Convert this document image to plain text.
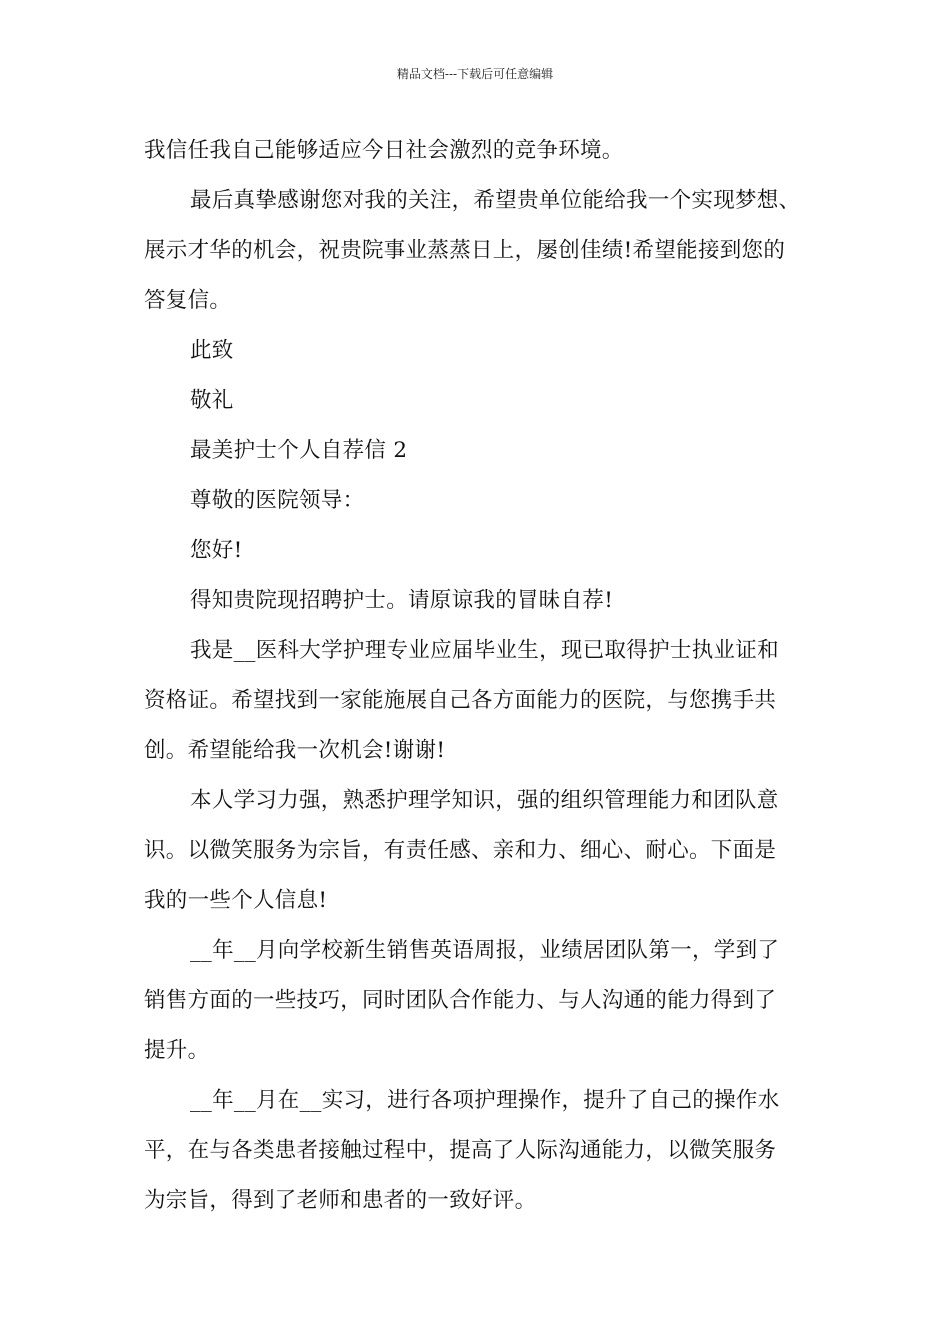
精品文档---下载后可任意编辑
我信任我自己能够适应今日社会激烈的竞争环境。
最后真挚感谢您对我的关注，希望贵单位能给我一个实现梦想、
展示才华的机会，祝贵院事业蒸蒸日上，屡创佳绩!希望能接到您的
答复信。
此致
敬礼
最美护士个人自荐信 2
尊敬的医院领导：
您好!
得知贵院现招聘护士。请原谅我的冒昧自荐!
我是__医科大学护理专业应届毕业生，现已取得护士执业证和
资格证。希望找到一家能施展自己各方面能力的医院，与您携手共
创。希望能给我一次机会!谢谢!
本人学习力强，熟悉护理学知识，强的组织管理能力和团队意
识。以微笑服务为宗旨，有责任感、亲和力、细心、耐心。下面是
我的一些个人信息!
__年__月向学校新生销售英语周报，业绩居团队第一，学到了
销售方面的一些技巧，同时团队合作能力、与人沟通的能力得到了
提升。
__年__月在__实习，进行各项护理操作，提升了自己的操作水
平，在与各类患者接触过程中，提高了人际沟通能力，以微笑服务
为宗旨，得到了老师和患者的一致好评。
